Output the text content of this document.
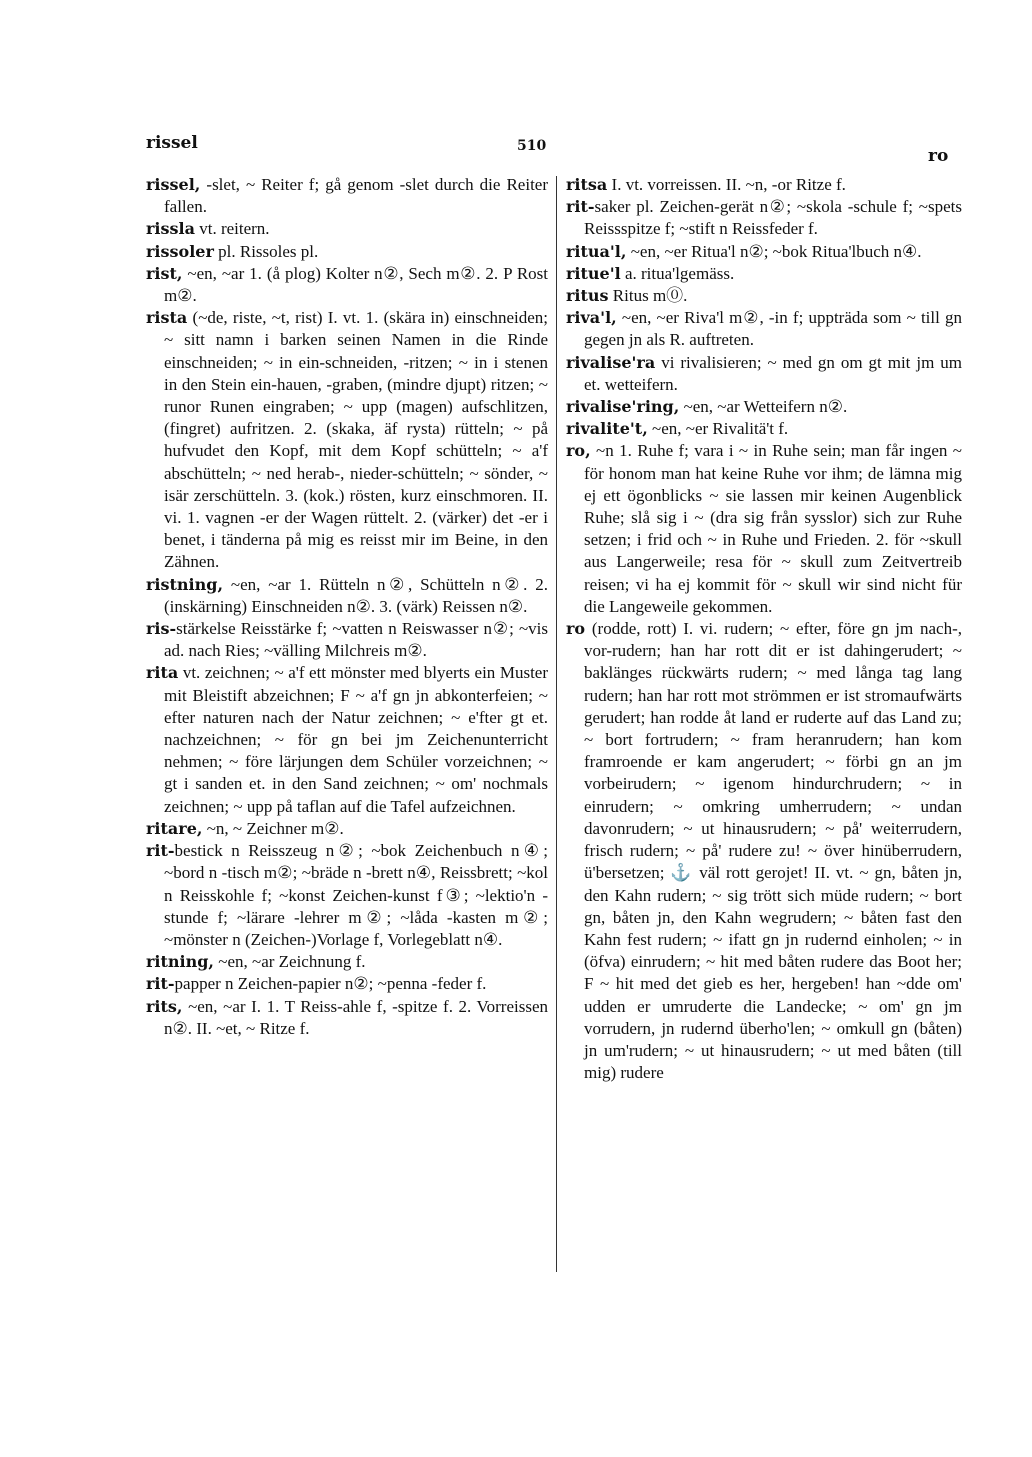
rissel	510	ro

rissel, -slet, ~ Reiter f; gå genom -slet durch die Reiter fallen.

rissla vt. reitern.

rissoler pl. Rissoles pl.

rist, ~en, ~ar 1. (å plog) Kolter n②, Sech m②. 2. P Rost m②.

rista (~de, riste, ~t, rist) I. vt. 1. (skära in) einschneiden; ~ sitt namn i barken seinen Namen in die Rinde einschneiden; ~ in ein-schneiden, -ritzen; ~ in i stenen in den Stein ein-hauen, -graben, (mindre djupt) ritzen; ~ runor Runen eingraben; ~ upp (magen) aufschlitzen, (fingret) aufritzen. 2. (skaka, äf rysta) rütteln; ~ på hufvudet den Kopf, mit dem Kopf schütteln; ~ a'f abschütteln; ~ ned herab-, nieder-schütteln; ~ sönder, ~ isär zerschütteln. 3. (kok.) rösten, kurz einschmoren. II. vi. 1. vagnen -er der Wagen rüttelt. 2. (värker) det -er i benet, i tänderna på mig es reisst mir im Beine, in den Zähnen.

ristning, ~en, ~ar 1. Rütteln n②, Schütteln n②. 2. (inskärning) Einschneiden n②. 3. (värk) Reissen n②.

ris-stärkelse Reisstärke f; ~vatten n Reiswasser n②; ~vis ad. nach Ries; ~välling Milchreis m②.

rita vt. zeichnen; ~ a'f ett mönster med blyerts ein Muster mit Bleistift abzeichnen; F ~ a'f gn jn abkonterfeien; ~ efter naturen nach der Natur zeichnen; ~ e'fter gt et. nachzeichnen; ~ för gn bei jm Zeichenunterricht nehmen; ~ före lärjungen dem Schüler vorzeichnen; ~ gt i sanden et. in den Sand zeichnen; ~ om' nochmals zeichnen; ~ upp på taflan auf die Tafel aufzeichnen.

ritare, ~n, ~ Zeichner m②.

rit-bestick n Reisszeug n②; ~bok Zeichenbuch n④; ~bord n -tisch m②; ~bräde n -brett n④, Reissbrett; ~kol n Reisskohle f; ~konst Zeichen-kunst f③; ~lektio'n -stunde f; ~lärare -lehrer m②; ~låda -kasten m②; ~mönster n (Zeichen-)Vorlage f, Vorlegeblatt n④.

ritning, ~en, ~ar Zeichnung f.

rit-papper n Zeichen-papier n②; ~penna -feder f.

rits, ~en, ~ar I. 1. T Reiss-ahle f, -spitze f. 2. Vorreissen n②. II. ~et, ~ Ritze f.

ritsa I. vt. vorreissen. II. ~n, -or Ritze f.

rit-saker pl. Zeichen-gerät n②; ~skola -schule f; ~spets Reissspitze f; ~stift n Reissfeder f.

ritua'l, ~en, ~er Ritua'l n②; ~bok Ritua'lbuch n④.

ritue'l a. ritua'lgemäss.

ritus Ritus m⓪.

riva'l, ~en, ~er Riva'l m②, -in f; uppträda som ~ till gn gegen jn als R. auftreten.

rivalise'ra vi rivalisieren; ~ med gn om gt mit jm um et. wetteifern.

rivalise'ring, ~en, ~ar Wetteifern n②.

rivalite't, ~en, ~er Rivalitä't f.

ro, ~n 1. Ruhe f; vara i ~ in Ruhe sein; man får ingen ~ för honom man hat keine Ruhe vor ihm; de lämna mig ej ett ögonblicks ~ sie lassen mir keinen Augenblick Ruhe; slå sig i ~ (dra sig från sysslor) sich zur Ruhe setzen; i frid och ~ in Ruhe und Frieden. 2. för ~skull aus Langerweile; resa för ~ skull zum Zeitvertreib reisen; vi ha ej kommit för ~ skull wir sind nicht für die Langeweile gekommen.

ro (rodde, rott) I. vi. rudern; ~ efter, före gn jm nach-, vor-rudern; han har rott dit er ist dahingerudert; ~ baklänges rückwärts rudern; ~ med långa tag lang rudern; han har rott mot strömmen er ist stromaufwärts gerudert; han rodde åt land er ruderte auf das Land zu; ~ bort fortrudern; ~ fram heranrudern; han kom framroende er kam angerudert; ~ förbi gn an jm vorbeirudern; ~ igenom hindurchrudern; ~ in einrudern; ~ omkring umherrudern; ~ undan davonrudern; ~ ut hinausrudern; ~ på' weiterrudern, frisch rudern; ~ på' rudere zu! ~ över hinüberrudern, ü'bersetzen; ⚓ väl rott gerojet! II. vt. ~ gn, båten jn, den Kahn rudern; ~ sig trött sich müde rudern; ~ bort gn, båten jn, den Kahn wegrudern; ~ båten fast den Kahn fest rudern; ~ ifatt gn jn rudernd einholen; ~ in (öfva) einrudern; ~ hit med båten rudere das Boot her; F ~ hit med det gieb es her, hergeben! han ~dde om' udden er umruderte die Landecke; ~ om' gn jm vorrudern, jn rudernd überho'len; ~ omkull gn (båten) jn um'rudern; ~ ut hinausrudern; ~ ut med båten (till mig) rudere
